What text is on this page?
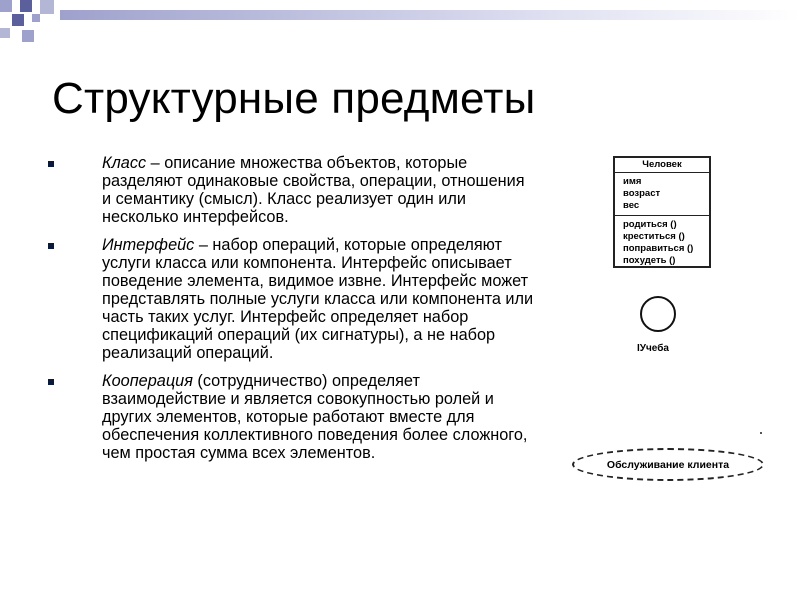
Структурные предметы
Класс – описание множества объектов, которые разделяют одинаковые свойства, операции, отношения и семантику (смысл). Класс реализует один или несколько интерфейсов.
Интерфейс – набор операций, которые определяют услуги класса или компонента. Интерфейс описывает поведение элемента, видимое извне. Интерфейс может представлять полные услуги класса или компонента или часть таких услуг. Интерфейс определяет набор спецификаций операций (их сигнатуры), а не набор реализаций операций.
Кооперация (сотрудничество) определяет взаимодействие и является совокупностью ролей и других элементов, которые работают вместе для обеспечения коллективного поведения более сложного, чем простая сумма всех элементов.
Человек
имя
возраст
вес
родиться ()
креститься ()
поправиться ()
похудеть ()
IУчеба
Обслуживание клиента
